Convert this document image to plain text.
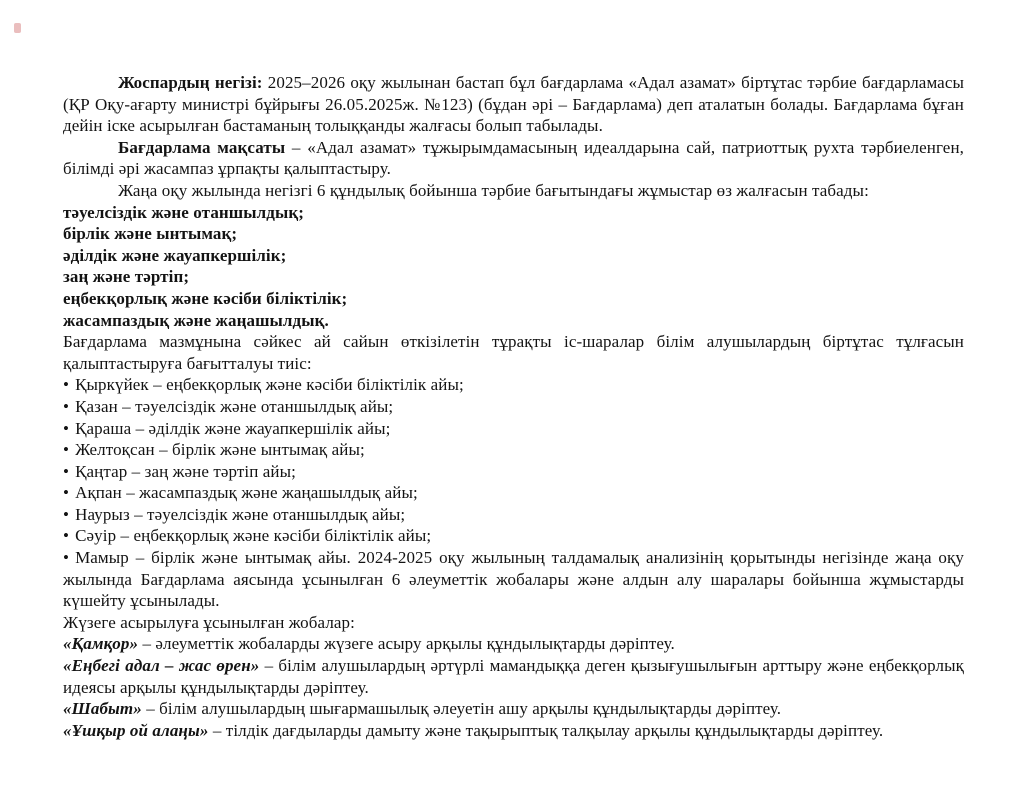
Жоспардың негізі: 2025–2026 оқу жылынан бастап бұл бағдарлама «Адал азамат» біртұтас тәрбие бағдарламасы (ҚР Оқу-ағарту министрі бұйрығы 26.05.2025ж. №123) (бұдан әрі – Бағдарлама) деп аталатын болады. Бағдарлама бұған дейін іске асырылған бастаманың толыққанды жалғасы болып табылады.

Бағдарлама мақсаты – «Адал азамат» тұжырымдамасының идеалдарына сай, патриоттық рухта тәрбиеленген, білімді әрі жасампаз ұрпақты қалыптастыру.

Жаңа оқу жылында негізгі 6 құндылық бойынша тәрбие бағытындағы жұмыстар өз жалғасын табады:

тәуелсіздік және отаншылдық;

бірлік және ынтымақ;

әділдік және жауапкершілік;

заң және тәртіп;

еңбекқорлық және кәсіби біліктілік;

жасампаздық және жаңашылдық.

Бағдарлама мазмұнына сәйкес ай сайын өткізілетін тұрақты іс-шаралар білім алушылардың біртұтас тұлғасын қалыптастыруға бағытталуы тиіс:

• Қыркүйек – еңбекқорлық және кәсіби біліктілік айы;

• Қазан – тәуелсіздік және отаншылдық айы;

• Қараша – әділдік және жауапкершілік айы;

• Желтоқсан – бірлік және ынтымақ айы;

• Қаңтар – заң және тәртіп айы;

• Ақпан – жасампаздық және жаңашылдық айы;

• Наурыз – тәуелсіздік және отаншылдық айы;

• Сәуір – еңбекқорлық және кәсіби біліктілік айы;

• Мамыр – бірлік және ынтымақ айы. 2024-2025 оқу жылының талдамалық анализінің қорытынды негізінде жаңа оқу жылында Бағдарлама аясында ұсынылған 6 әлеуметтік жобалары және алдын алу шаралары бойынша жұмыстарды күшейту ұсынылады.

Жүзеге асырылуға ұсынылған жобалар:

«Қамқор» – әлеуметтік жобаларды жүзеге асыру арқылы құндылықтарды дәріптеу.

«Еңбегі адал – жас өрен» – білім алушылардың әртүрлі мамандыққа деген қызығушылығын арттыру және еңбекқорлық идеясы арқылы құндылықтарды дәріптеу.

«Шабыт» – білім алушылардың шығармашылық әлеуетін ашу арқылы құндылықтарды дәріптеу.

«Ұшқыр ой алаңы» – тілдік дағдыларды дамыту және тақырыптық талқылау арқылы құндылықтарды дәріптеу.
